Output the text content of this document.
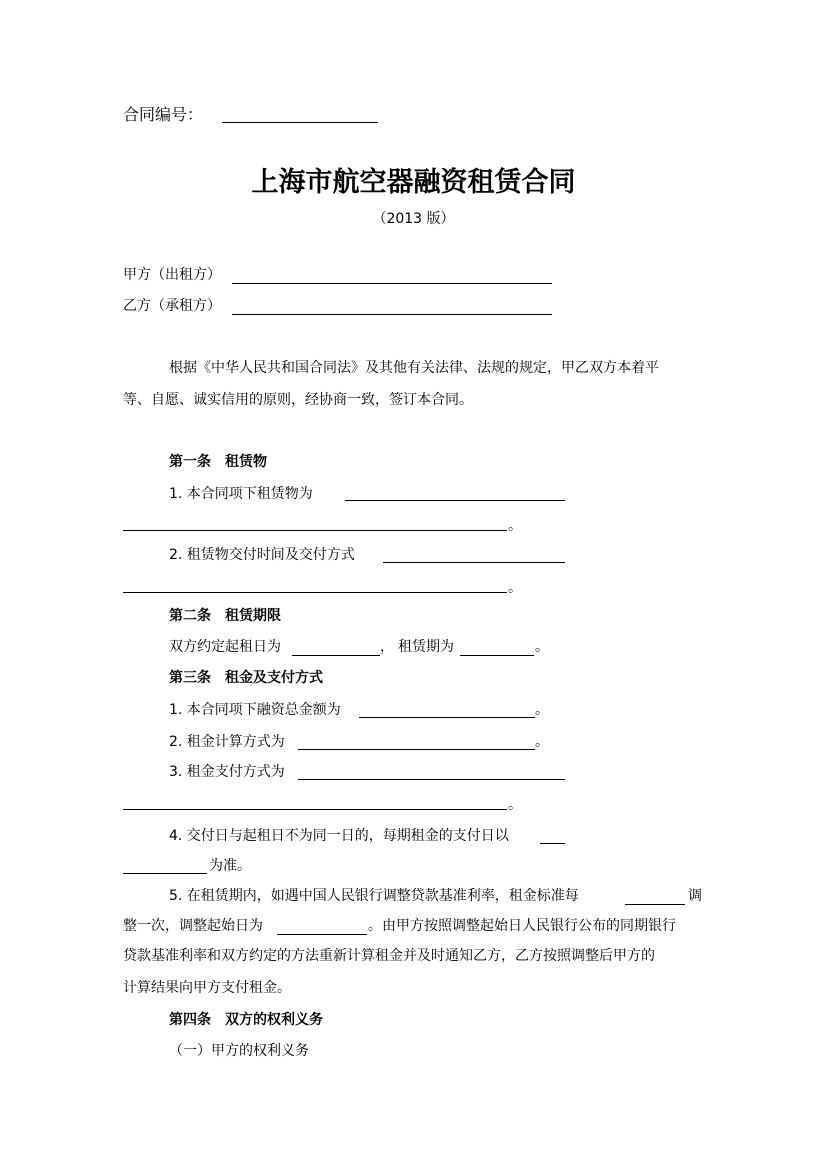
合同编号：
上海市航空器融资租赁合同
（2013 版）
甲方（出租方）
乙方（承租方）
根据《中华人民共和国合同法》及其他有关法律、法规的规定，甲乙双方本着平
等、自愿、诚实信用的原则，经协商一致，签订本合同。
第一条　租赁物
1. 本合同项下租赁物为
。
2. 租赁物交付时间及交付方式
。
第二条　租赁期限
双方约定起租日为	， 租赁期为	。
第三条　租金及支付方式
1. 本合同项下融资总金额为	。
2. 租金计算方式为	。
3. 租金支付方式为
。
4. 交付日与起租日不为同一日的，每期租金的支付日以
为准。
5. 在租赁期内，如遇中国人民银行调整贷款基准利率，租金标准每	调
整一次，调整起始日为	。由甲方按照调整起始日人民银行公布的同期银行
贷款基准利率和双方约定的方法重新计算租金并及时通知乙方，乙方按照调整后甲方的
计算结果向甲方支付租金。
第四条　双方的权利义务
（一）甲方的权利义务
